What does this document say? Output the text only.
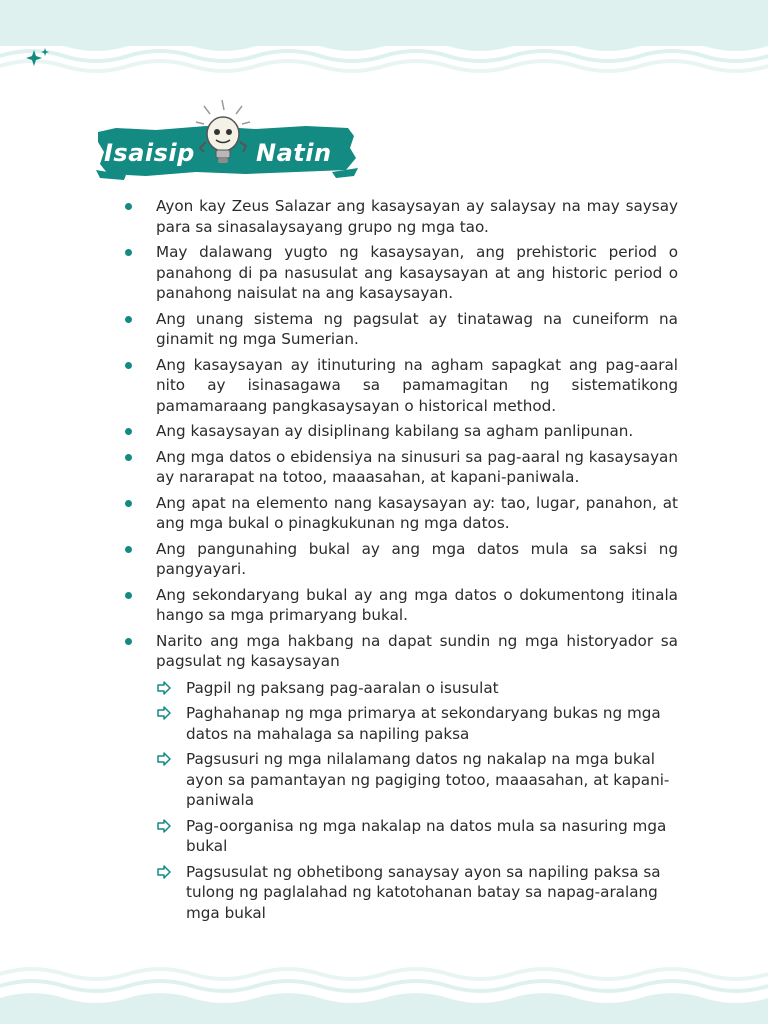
Isaisip	Natin
Ayon kay Zeus Salazar ang kasaysayan ay salaysay na may saysay para sa sinasalaysayang grupo ng mga tao.
May dalawang yugto ng kasaysayan, ang prehistoric period o panahong di pa nasusulat ang kasaysayan at ang historic period o panahong naisulat na ang kasaysayan.
Ang unang sistema ng pagsulat ay tinatawag na cuneiform na ginamit ng mga Sumerian.
Ang kasaysayan ay itinuturing na agham sapagkat ang pag-aaral nito ay isinasagawa sa pamamagitan ng sistematikong pamamaraang pangkasaysayan o historical method.
Ang kasaysayan ay disiplinang kabilang sa agham panlipunan.
Ang mga datos o ebidensiya na sinusuri sa pag-aaral ng kasaysayan ay nararapat na totoo, maaasahan, at kapani-paniwala.
Ang apat na elemento nang kasaysayan ay: tao, lugar, panahon, at ang mga bukal o pinagkukunan ng mga datos.
Ang pangunahing bukal ay ang mga datos mula sa saksi ng pangyayari.
Ang sekondaryang bukal ay ang mga datos o dokumentong itinala hango sa mga primaryang bukal.
Narito ang mga hakbang na dapat sundin ng mga historyador sa pagsulat ng kasaysayan
Pagpil ng paksang pag-aaralan o isusulat
Paghahanap ng mga primarya at sekondaryang bukas ng mga datos na mahalaga sa napiling paksa
Pagsusuri ng mga nilalamang datos ng nakalap na mga bukal ayon sa pamantayan ng pagiging totoo, maaasahan, at kapani-paniwala
Pag-oorganisa ng mga nakalap na datos mula sa nasuring mga bukal
Pagsusulat ng obhetibong sanaysay ayon sa napiling paksa sa tulong ng paglalahad ng katotohanan batay sa napag-aralang mga bukal
